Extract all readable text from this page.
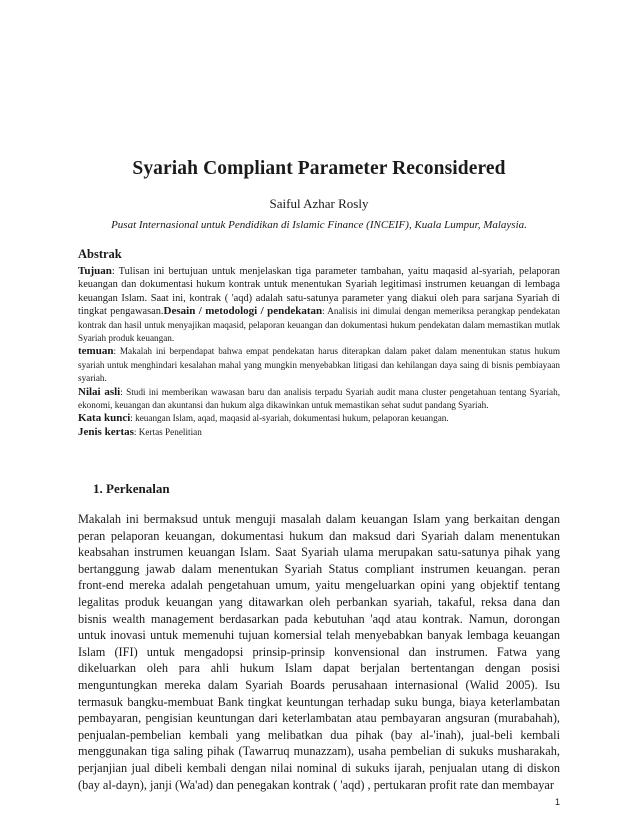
Syariah Compliant Parameter Reconsidered
Saiful Azhar Rosly
Pusat Internasional untuk Pendidikan di Islamic Finance (INCEIF), Kuala Lumpur, Malaysia.
Abstrak

Tujuan: Tulisan ini bertujuan untuk menjelaskan tiga parameter tambahan, yaitu maqasid al-syariah, pelaporan keuangan dan dokumentasi hukum kontrak untuk menentukan Syariah legitimasi instrumen keuangan di lembaga keuangan Islam. Saat ini, kontrak ( 'aqd) adalah satu-satunya parameter yang diakui oleh para sarjana Syariah di tingkat pengawasan.Desain / metodologi / pendekatan: Analisis ini dimulai dengan memeriksa perangkap pendekatan kontrak dan hasil untuk menyajikan maqasid, pelaporan keuangan dan dokumentasi hukum pendekatan dalam memastikan mutlak Syariah produk keuangan.

temuan: Makalah ini berpendapat bahwa empat pendekatan harus diterapkan dalam paket dalam menentukan status hukum syariah untuk menghindari kesalahan mahal yang mungkin menyebabkan litigasi dan kehilangan daya saing di bisnis pembiayaan syariah.

Nilai asli: Studi ini memberikan wawasan baru dan analisis terpadu Syariah audit mana cluster pengetahuan tentang Syariah, ekonomi, keuangan dan akuntansi dan hukum alga dikawinkan untuk memastikan sehat sudut pandang Syariah.

Kata kunci: keuangan Islam, aqad, maqasid al-syariah, dokumentasi hukum, pelaporan keuangan.

Jenis kertas: Kertas Penelitian

1. Perkenalan

Makalah ini bermaksud untuk menguji masalah dalam keuangan Islam yang berkaitan dengan peran pelaporan keuangan, dokumentasi hukum dan maksud dari Syariah dalam menentukan keabsahan instrumen keuangan Islam. Saat Syariah ulama merupakan satu-satunya pihak yang bertanggung jawab dalam menentukan Syariah Status compliant instrumen keuangan. peran front-end mereka adalah pengetahuan umum, yaitu mengeluarkan opini yang objektif tentang legalitas produk keuangan yang ditawarkan oleh perbankan syariah, takaful, reksa dana dan bisnis wealth management berdasarkan pada kebutuhan 'aqd atau kontrak. Namun, dorongan untuk inovasi untuk memenuhi tujuan komersial telah menyebabkan banyak lembaga keuangan Islam (IFI) untuk mengadopsi prinsip-prinsip konvensional dan instrumen. Fatwa yang dikeluarkan oleh para ahli hukum Islam dapat berjalan bertentangan dengan posisi menguntungkan mereka dalam Syariah Boards perusahaan internasional (Walid 2005). Isu termasuk bangku-membuat Bank tingkat keuntungan terhadap suku bunga, biaya keterlambatan pembayaran, pengisian keuntungan dari keterlambatan atau pembayaran angsuran (murabahah), penjualan-pembelian kembali yang melibatkan dua pihak (bay al-'inah), jual-beli kembali menggunakan tiga saling pihak (Tawarruq munazzam), usaha pembelian di sukuks musharakah, perjanjian jual dibeli kembali dengan nilai nominal di sukuks ijarah, penjualan utang di diskon (bay al-dayn), janji (Wa'ad) dan penegakan kontrak ( 'aqd) , pertukaran profit rate dan membayar

1
